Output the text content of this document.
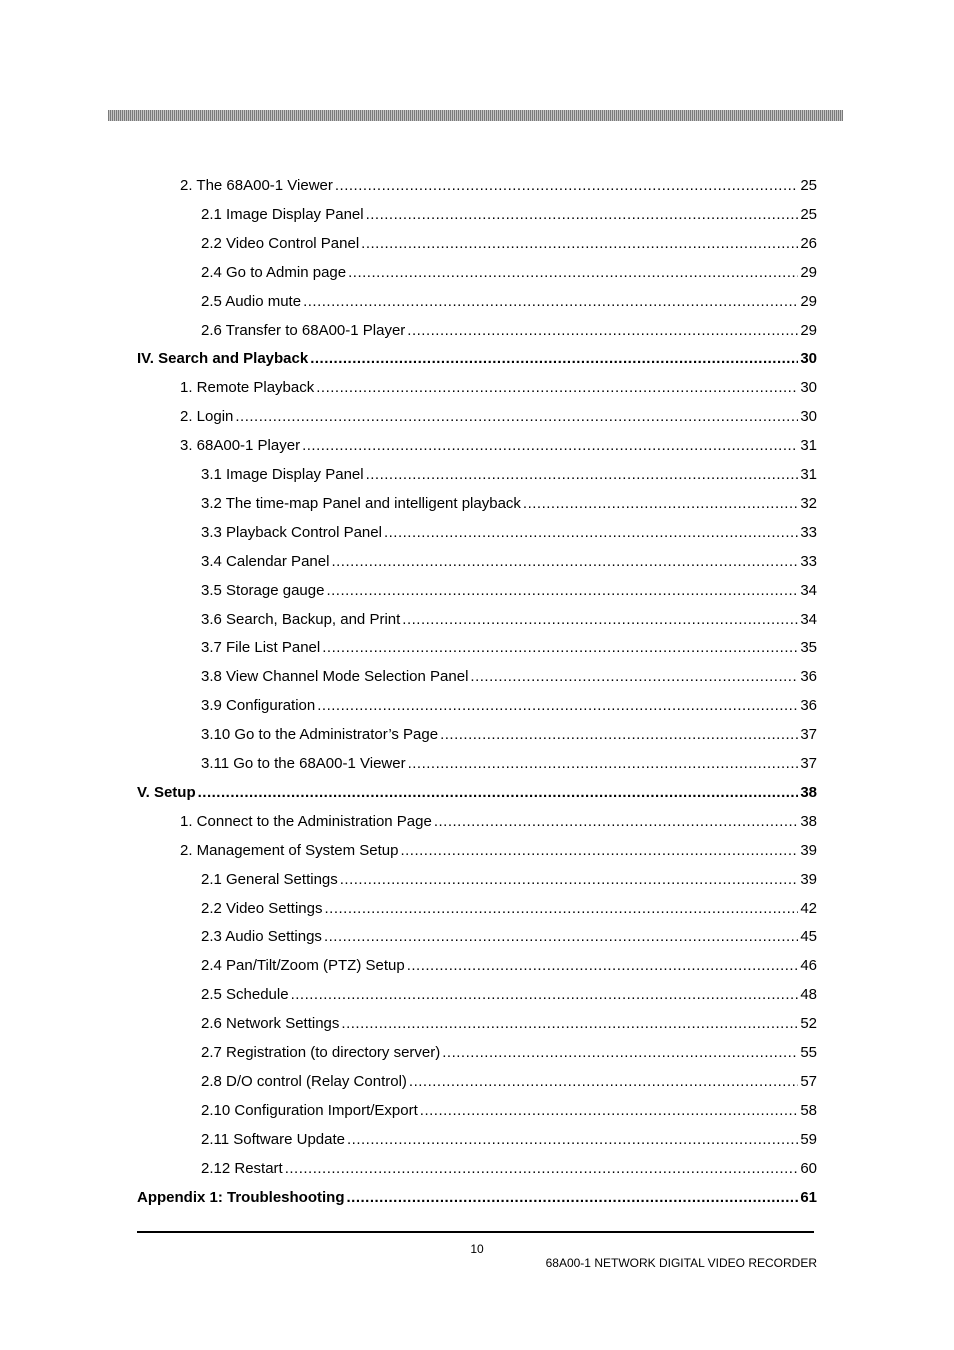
2. The 68A00-1 Viewer .....	25
2.1 Image Display Panel .....	25
2.2 Video Control Panel .....	26
2.4 Go to Admin page .....	29
2.5 Audio mute .....	29
2.6 Transfer to 68A00-1 Player .....	29
IV. Search and Playback .....	30
1. Remote Playback .....	30
2. Login .....	30
3. 68A00-1 Player .....	31
3.1 Image Display Panel .....	31
3.2 The time-map Panel and intelligent playback .....	32
3.3 Playback Control Panel .....	33
3.4 Calendar Panel .....	33
3.5 Storage gauge .....	34
3.6 Search, Backup, and Print .....	34
3.7 File List Panel .....	35
3.8 View Channel Mode Selection Panel .....	36
3.9 Configuration .....	36
3.10 Go to the Administrator’s Page .....	37
3.11 Go to the 68A00-1 Viewer .....	37
V. Setup .....	38
1. Connect to the Administration Page .....	38
2. Management of System Setup .....	39
2.1 General Settings .....	39
2.2 Video Settings .....	42
2.3 Audio Settings .....	45
2.4 Pan/Tilt/Zoom (PTZ) Setup .....	46
2.5 Schedule .....	48
2.6 Network Settings .....	52
2.7 Registration (to directory server) .....	55
2.8 D/O control (Relay Control) .....	57
2.10 Configuration Import/Export .....	58
2.11 Software Update .....	59
2.12 Restart .....	60
Appendix 1: Troubleshooting .....	61
10
68A00-1 NETWORK DIGITAL VIDEO RECORDER
